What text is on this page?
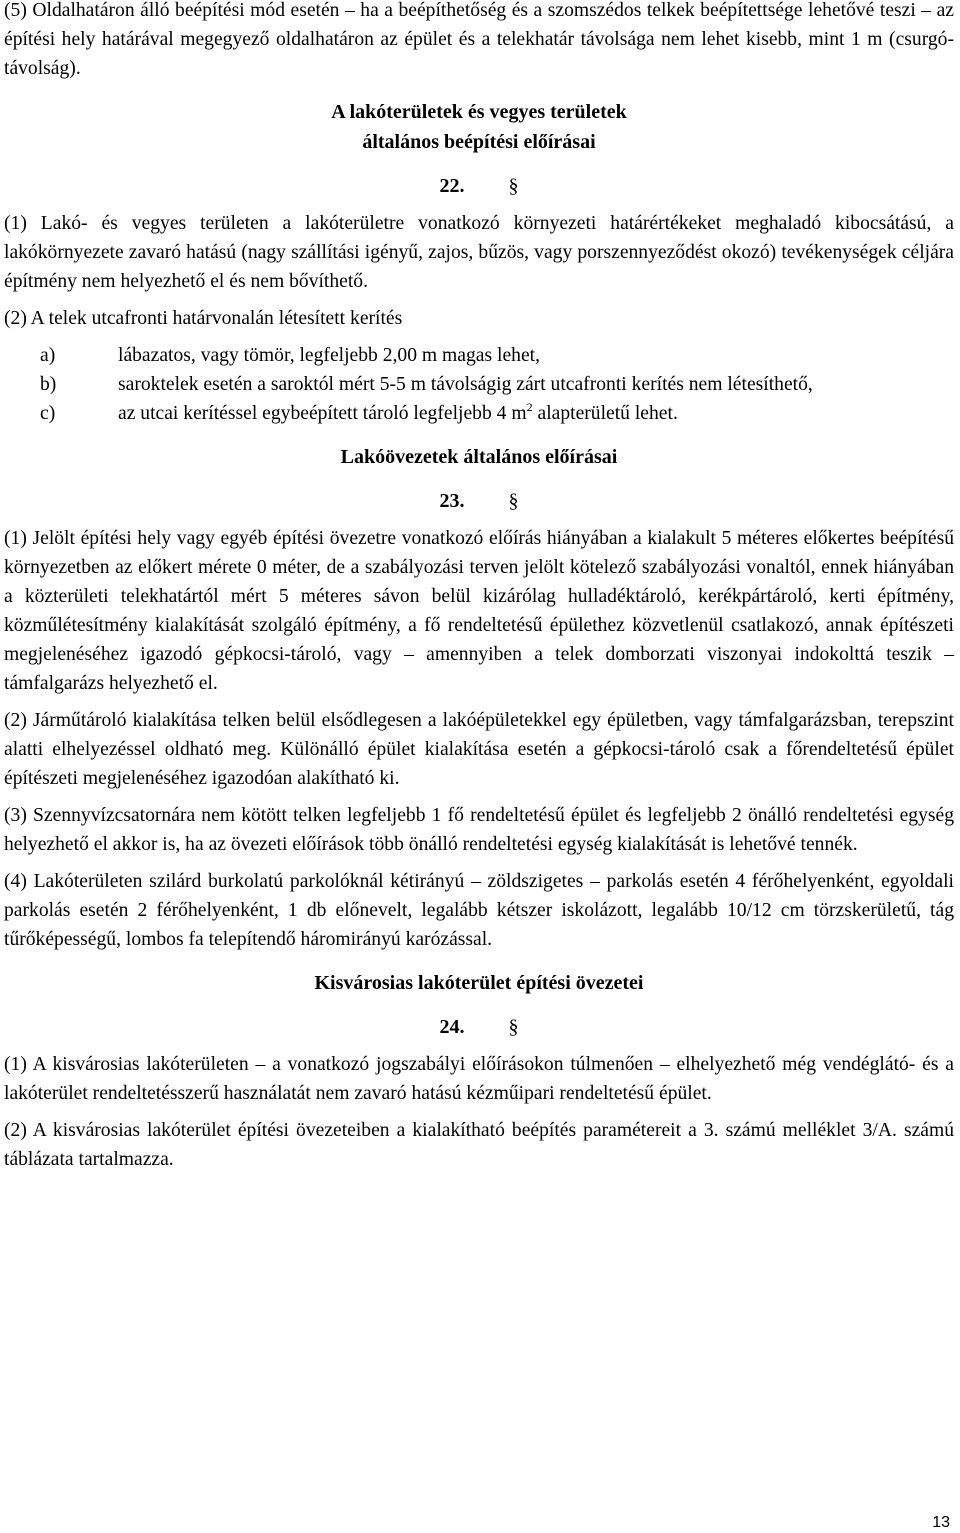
(5) Oldalhatáron álló beépítési mód esetén – ha a beépíthetőség és a szomszédos telkek beépítettsége lehetővé teszi – az építési hely határával megegyező oldalhatáron az épület és a telekhatár távolsága nem lehet kisebb, mint 1 m (csurgó-távolság).

A lakóterületek és vegyes területek

általános beépítési előírásai

22. §

(1) Lakó- és vegyes területen a lakóterületre vonatkozó környezeti határértékeket meghaladó kibocsátású, a lakókörnyezete zavaró hatású (nagy szállítási igényű, zajos, bűzös, vagy porszennyeződést okozó) tevékenységek céljára építmény nem helyezhető el és nem bővíthető.

(2) A telek utcafronti határvonalán létesített kerítés

a)	lábazatos, vagy tömör, legfeljebb 2,00 m magas lehet,
b)	saroktelek esetén a saroktól mért 5-5 m távolságig zárt utcafronti kerítés nem létesíthető,
c)	az utcai kerítéssel egybeépített tároló legfeljebb 4 $m^2$ alapterületű lehet.

Lakóövezetek általános előírásai

23. §

(1) Jelölt építési hely vagy egyéb építési övezetre vonatkozó előírás hiányában a kialakult 5 méteres előkertes beépítésű környezetben az előkert mérete 0 méter, de a szabályozási terven jelölt kötelező szabályozási vonaltól, ennek hiányában a közterületi telekhatártól mért 5 méteres sávon belül kizárólag hulladéktároló, kerékpártároló, kerti építmény, közműlétesítmény kialakítását szolgáló építmény, a fő rendeltetésű épülethez közvetlenül csatlakozó, annak építészeti megjelenéséhez igazodó gépkocsi-tároló, vagy – amennyiben a telek domborzati viszonyai indokolttá teszik – támfalgarázs helyezhető el.

(2) Járműtároló kialakítása telken belül elsődlegesen a lakóépületekkel egy épületben, vagy támfalgarázsban, terepszint alatti elhelyezéssel oldható meg. Különálló épület kialakítása esetén a gépkocsi-tároló csak a főrendeltetésű épület építészeti megjelenéséhez igazodóan alakítható ki.

(3) Szennyvízcsatornára nem kötött telken legfeljebb 1 fő rendeltetésű épület és legfeljebb 2 önálló rendeltetési egység helyezhető el akkor is, ha az övezeti előírások több önálló rendeltetési egység kialakítását is lehetővé tennék.

(4) Lakóterületen szilárd burkolatú parkolóknál kétirányú – zöldszigetes – parkolás esetén 4 férőhelyenként, egyoldali parkolás esetén 2 férőhelyenként, 1 db előnevelt, legalább kétszer iskolázott, legalább 10/12 cm törzskerületű, tág tűrőképességű, lombos fa telepítendő háromirányú karózással.

Kisvárosias lakóterület építési övezetei

24. §

(1) A kisvárosias lakóterületen – a vonatkozó jogszabályi előírásokon túlmenően – elhelyezhető még vendéglátó- és a lakóterület rendeltetésszerű használatát nem zavaró hatású kézműipari rendeltetésű épület.

(2) A kisvárosias lakóterület építési övezeteiben a kialakítható beépítés paramétereit a 3. számú melléklet 3/A. számú táblázata tartalmazza.

13
